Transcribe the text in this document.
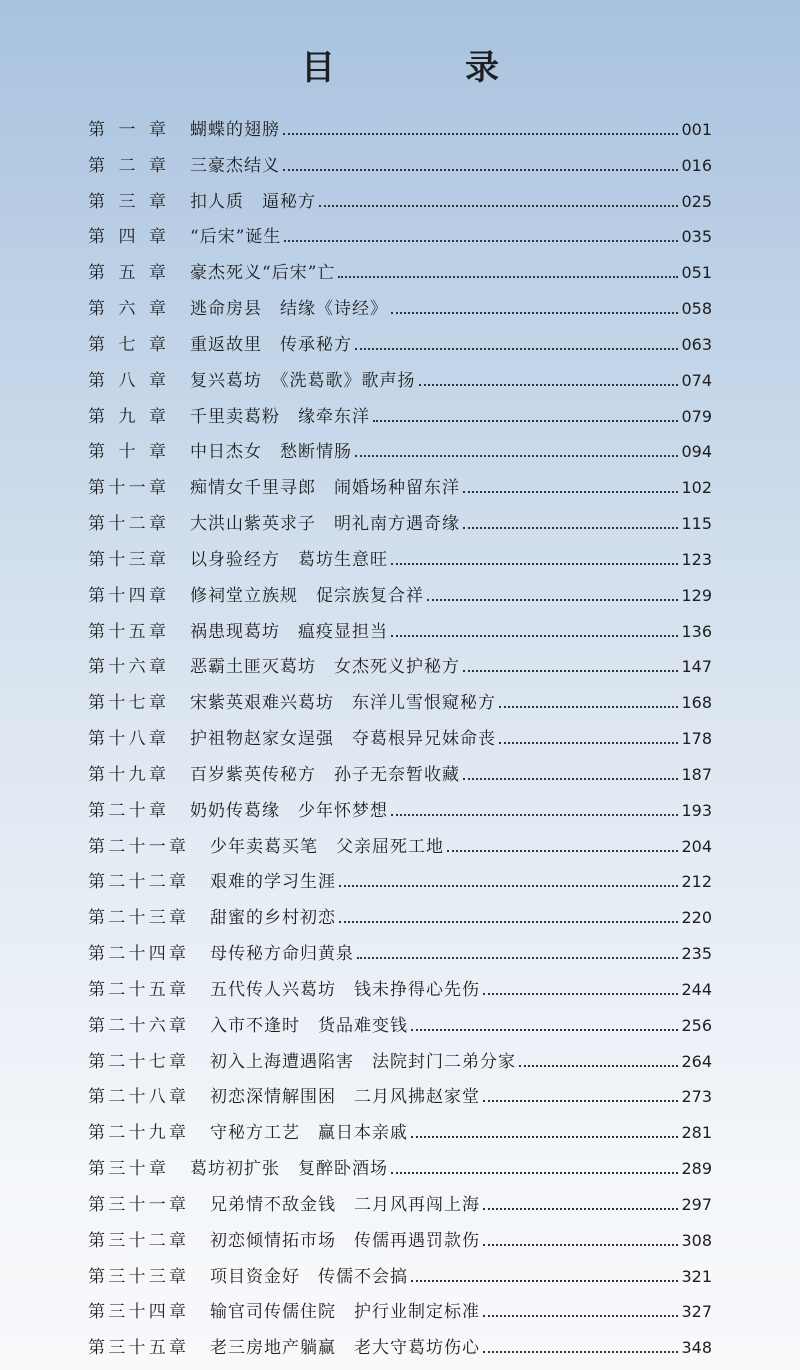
目　录
第 一 章 蝴蝶的翅膀	001
第 二 章 三豪杰结义	016
第 三 章 扣人质　逼秘方	025
第 四 章 “后宋”诞生	035
第 五 章 豪杰死义“后宋”亡	051
第 六 章 逃命房县　结缘《诗经》	058
第 七 章 重返故里　传承秘方	063
第 八 章 复兴葛坊　《洗葛歌》歌声扬	074
第 九 章 千里卖葛粉　缘牵东洋	079
第 十 章 中日杰女　愁断情肠	094
第 十 一 章 痴情女千里寻郎　闹婚场种留东洋	102
第 十 二 章 大洪山紫英求子　明礼南方遇奇缘	115
第 十 三 章 以身验经方　葛坊生意旺	123
第 十 四 章 修祠堂立族规　促宗族复合祥	129
第 十 五 章 祸患现葛坊　瘟疫显担当	136
第 十 六 章 恶霸土匪灭葛坊　女杰死义护秘方	147
第 十 七 章 宋紫英艰难兴葛坊　东洋儿雪恨窥秘方	168
第 十 八 章 护祖物赵家女逞强　夺葛根异兄妹命丧	178
第 十 九 章 百岁紫英传秘方　孙子无奈暂收藏	187
第 二 十 章 奶奶传葛缘　少年怀梦想	193
第 二 十 一 章 少年卖葛买笔　父亲屈死工地	204
第 二 十 二 章 艰难的学习生涯	212
第 二 十 三 章 甜蜜的乡村初恋	220
第 二 十 四 章 母传秘方命归黄泉	235
第 二 十 五 章 五代传人兴葛坊　钱未挣得心先伤	244
第 二 十 六 章 入市不逢时　货品难变钱	256
第 二 十 七 章 初入上海遭遇陷害　法院封门二弟分家	264
第 二 十 八 章 初恋深情解围困　二月风拂赵家堂	273
第 二 十 九 章 守秘方工艺　赢日本亲戚	281
第 三 十 章 葛坊初扩张　复醉卧酒场	289
第 三 十 一 章 兄弟情不敌金钱　二月风再闯上海	297
第 三 十 二 章 初恋倾情拓市场　传儒再遇罚款伤	308
第 三 十 三 章 项目资金好　传儒不会搞	321
第 三 十 四 章 输官司传儒住院　护行业制定标准	327
第 三 十 五 章 老三房地产躺赢　老大守葛坊伤心	348
